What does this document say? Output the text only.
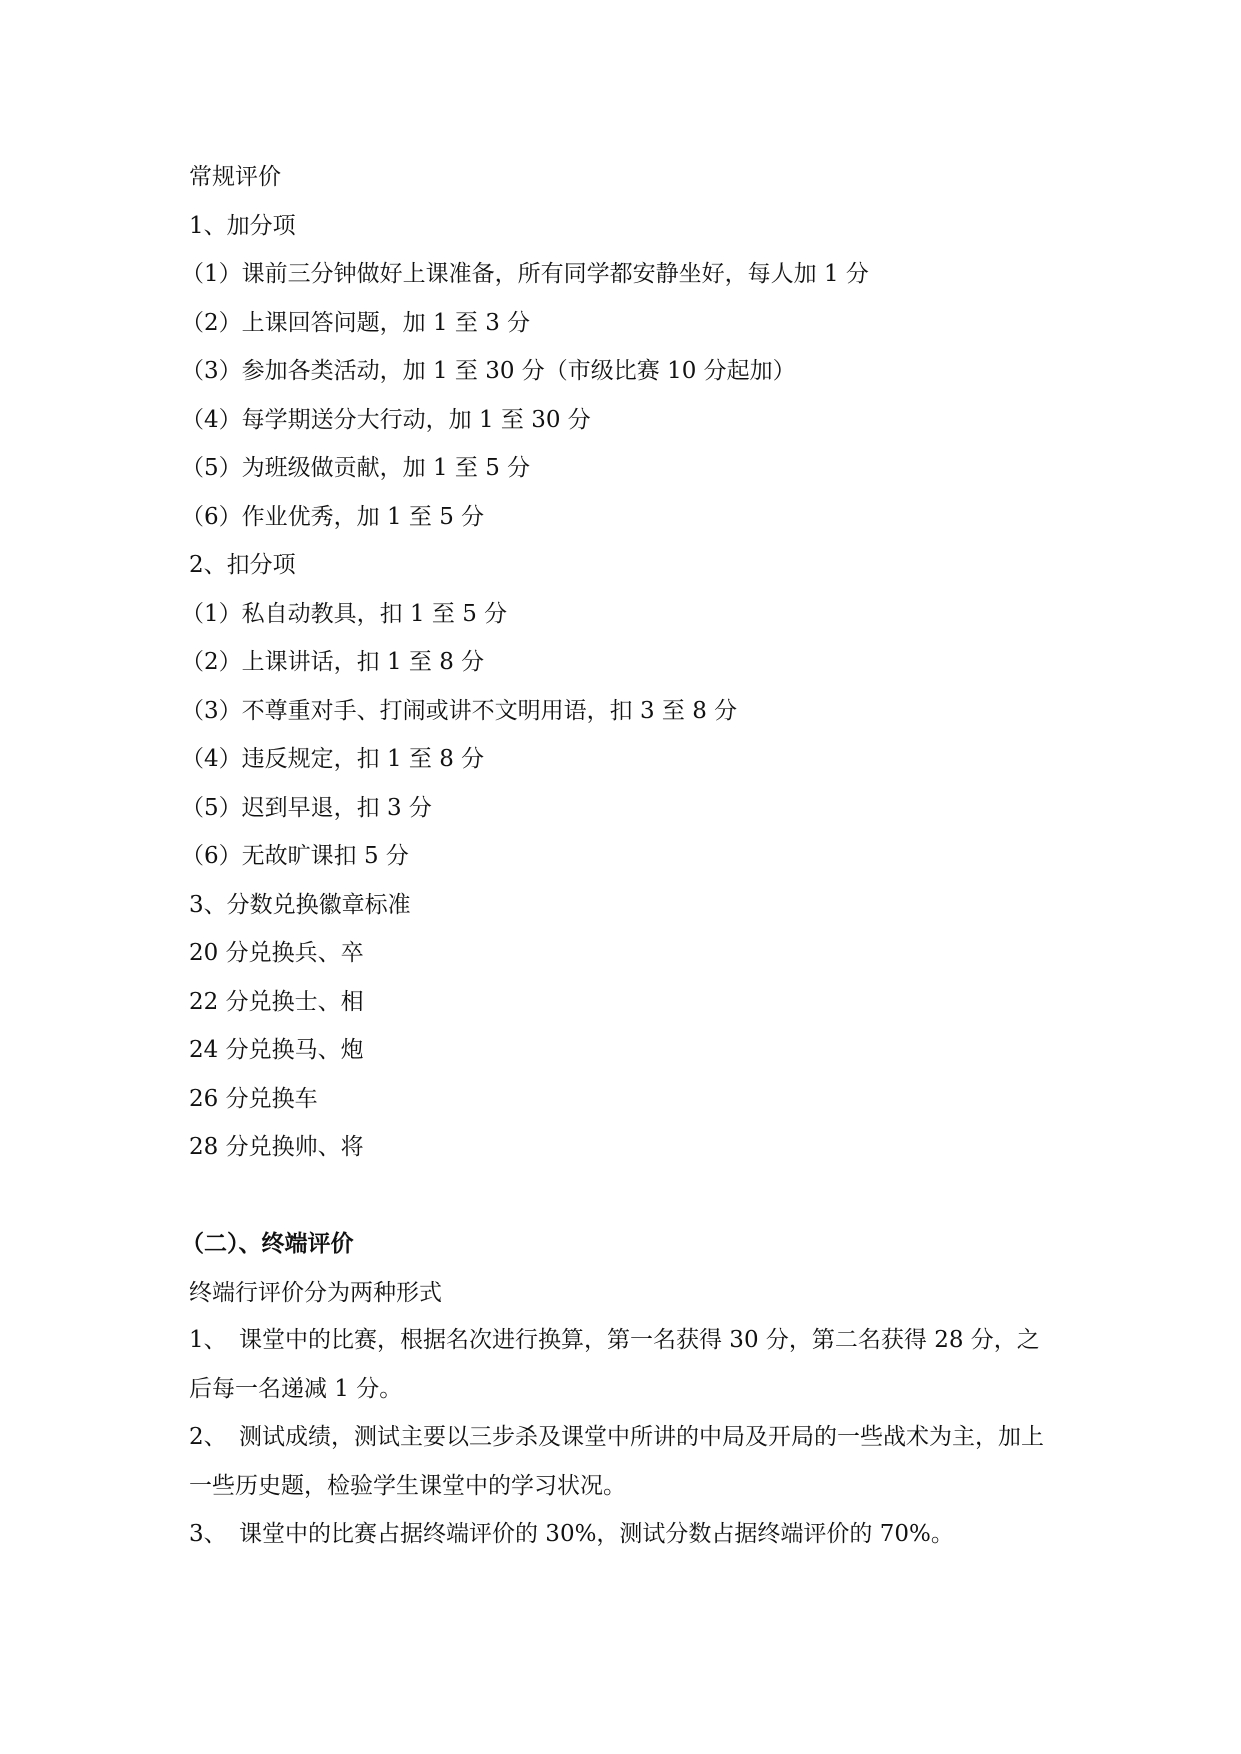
常规评价
1、加分项
（1）课前三分钟做好上课准备，所有同学都安静坐好，每人加 1 分
（2）上课回答问题，加 1 至 3 分
（3）参加各类活动，加 1 至 30 分（市级比赛 10 分起加）
（4）每学期送分大行动，加 1 至 30 分
（5）为班级做贡献，加 1 至 5 分
（6）作业优秀，加 1 至 5 分
2、扣分项
（1）私自动教具，扣 1 至 5 分
（2）上课讲话，扣 1 至 8 分
（3）不尊重对手、打闹或讲不文明用语，扣 3 至 8 分
（4）违反规定，扣 1 至 8 分
（5）迟到早退，扣 3 分
（6）无故旷课扣 5 分
3、分数兑换徽章标准
20 分兑换兵、卒
22 分兑换士、相
24 分兑换马、炮
26 分兑换车
28 分兑换帅、将
（二）、终端评价
终端行评价分为两种形式
1、 课堂中的比赛，根据名次进行换算，第一名获得 30 分，第二名获得 28 分，之后每一名递减 1 分。
2、 测试成绩，测试主要以三步杀及课堂中所讲的中局及开局的一些战术为主，加上一些历史题，检验学生课堂中的学习状况。
3、 课堂中的比赛占据终端评价的 30%，测试分数占据终端评价的 70%。
